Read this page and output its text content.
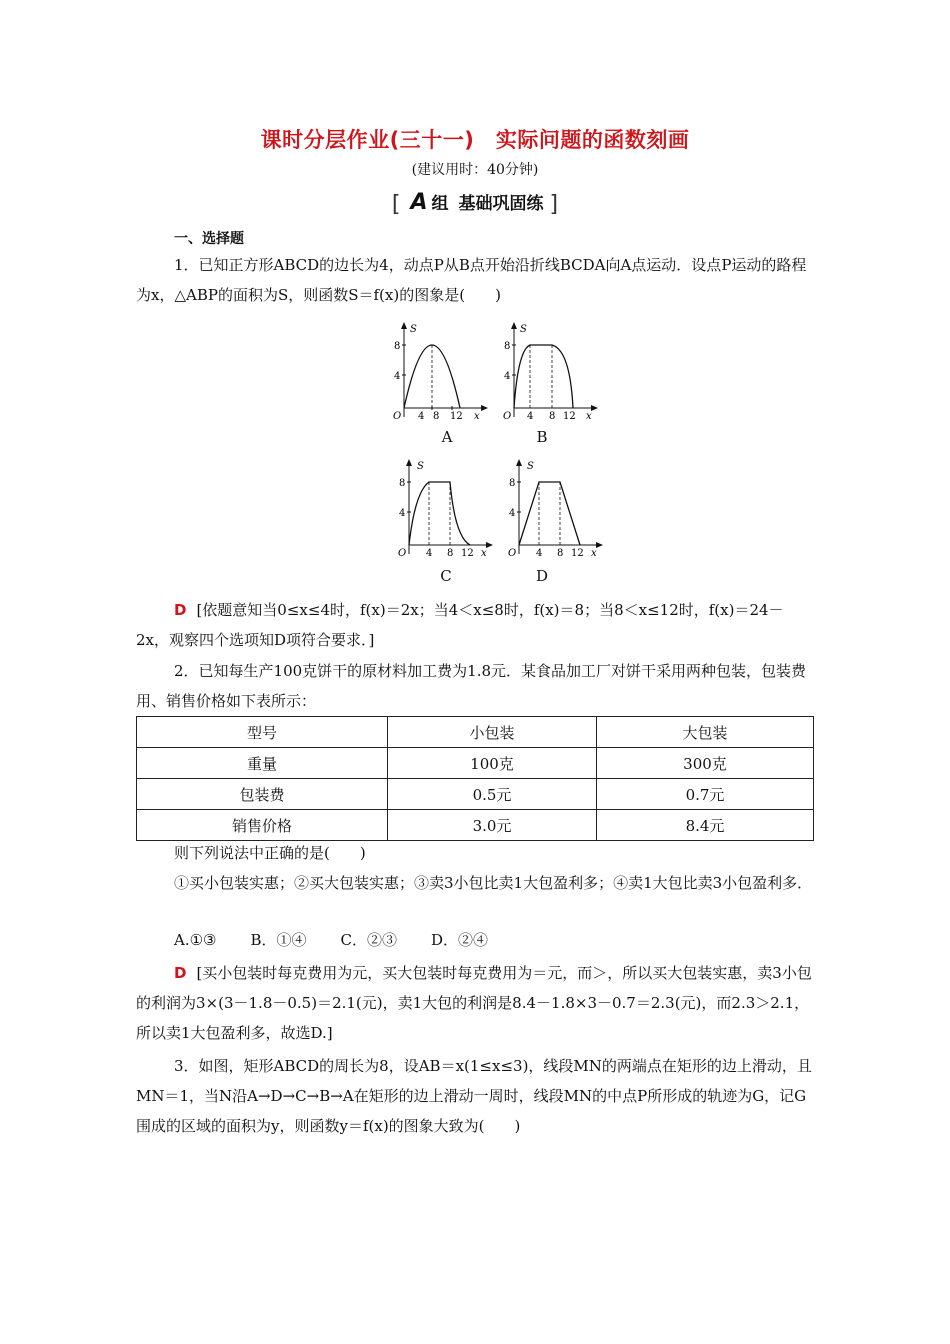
课时分层作业(三十一)　实际问题的函数刻画
(建议用时：40分钟)
[ A 组 基础巩固练 ]
一、选择题
1．已知正方形ABCD的边长为4，动点P从B点开始沿折线BCDA向A点运动．设点P运动的路程为x，△ABP的面积为S，则函数S＝f(x)的图象是(　　)
S
8
4
O 4 8 12 x
A
S
8
4
O 4 8 12 x
B
S
8
4
O 4 8 12 x
C
S
8
4
O 4 8 12 x
D
D [依题意知当0≤x≤4时，f(x)＝2x；当4＜x≤8时，f(x)＝8；当8＜x≤12时，f(x)＝24－2x，观察四个选项知D项符合要求．]
2．已知每生产100克饼干的原材料加工费为1.8元．某食品加工厂对饼干采用两种包装，包装费用、销售价格如下表所示：
型号	小包装	大包装
重量	100克	300克
包装费	0.5元	0.7元
销售价格	3.0元	8.4元
则下列说法中正确的是(　　)
①买小包装实惠；②买大包装实惠；③卖3小包比卖1大包盈利多；④卖1大包比卖3小包盈利多．
A.①③ B．①④ C．②③ D．②④
D [买小包装时每克费用为元，买大包装时每克费用为＝元，而＞，所以买大包装实惠，卖3小包的利润为3×(3－1.8－0.5)＝2.1(元)，卖1大包的利润是8.4－1.8×3－0.7＝2.3(元)，而2.3＞2.1，所以卖1大包盈利多，故选D.]
3．如图，矩形ABCD的周长为8，设AB＝x(1≤x≤3)，线段MN的两端点在矩形的边上滑动，且MN＝1，当N沿A→D→C→B→A在矩形的边上滑动一周时，线段MN的中点P所形成的轨迹为G，记G围成的区域的面积为y，则函数y＝f(x)的图象大致为(　　)
